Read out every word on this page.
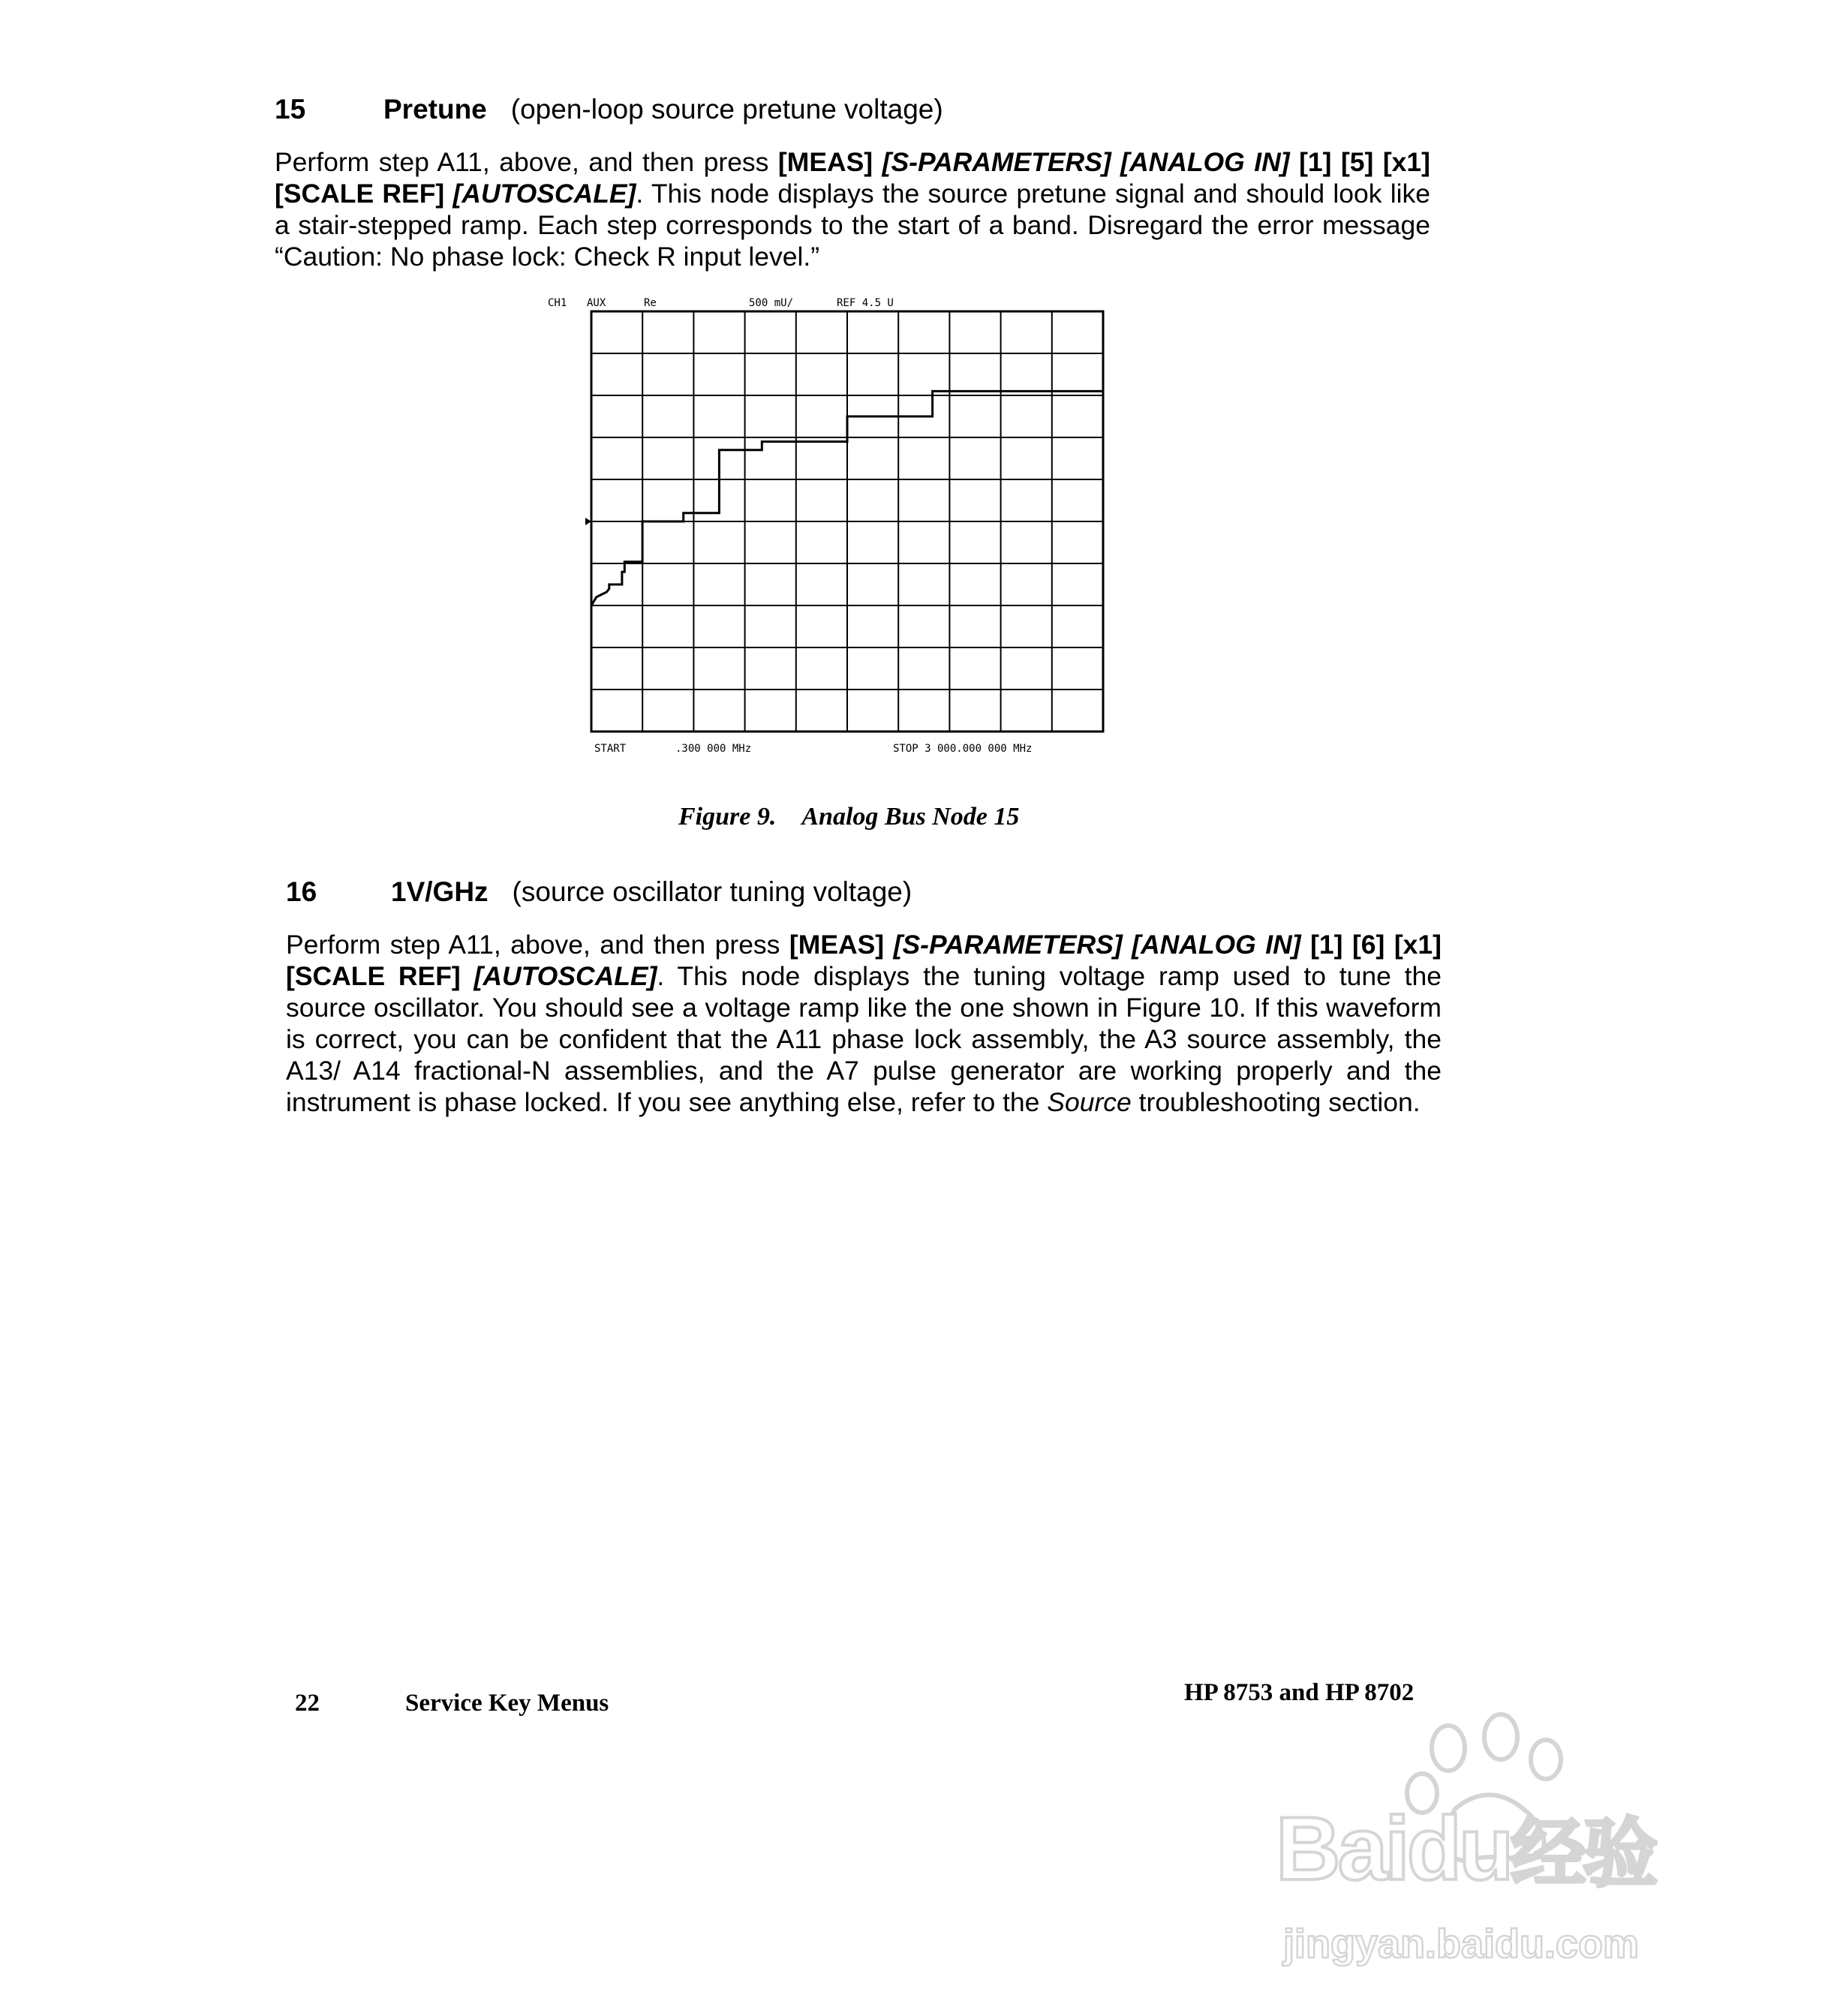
15	Pretune (open-loop source pretune voltage)
Perform step A11, above, and then press [MEAS] [S-PARAMETERS] [ANALOG IN] [1] [5] [x1] [SCALE REF] [AUTOSCALE]. This node displays the source pretune signal and should look like a stair-stepped ramp. Each step corresponds to the start of a band. Disregard the error message “Caution: No phase lock: Check R input level.”
CH1 AUX	Re	500 mU/	REF 4.5 U
START	.300 000 MHz	STOP 3 000.000 000 MHz
Figure 9. Analog Bus Node 15
16	1V/GHz (source oscillator tuning voltage)
Perform step A11, above, and then press [MEAS] [S-PARAMETERS] [ANALOG IN] [1] [6] [x1] [SCALE REF] [AUTOSCALE]. This node displays the tuning voltage ramp used to tune the source oscillator. You should see a voltage ramp like the one shown in Figure 10. If this waveform is correct, you can be confident that the A11 phase lock assembly, the A3 source assembly, the A13/ A14 fractional-N assemblies, and the A7 pulse generator are working properly and the instrument is phase locked. If you see anything else, refer to the Source troubleshooting section.
22	Service Key Menus	HP 8753 and HP 8702
Baidu经验
jingyan.baidu.com
